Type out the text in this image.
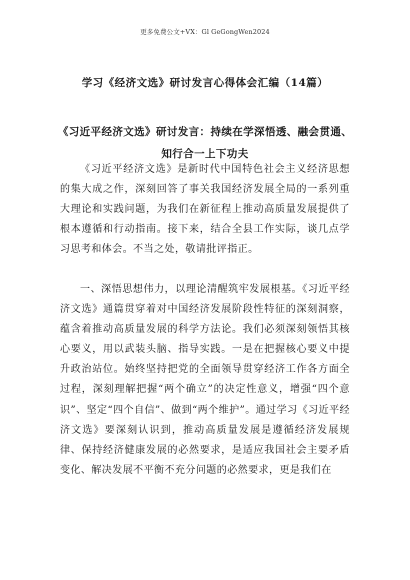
更多免费公文+VX：Gl GeGongWen2024
学习《经济文选》研讨发言心得体会汇编（14篇）
《习近平经济文选》研讨发言：持续在学深悟透、融会贯通、知行合一上下功夫

《习近平经济文选》是新时代中国特色社会主义经济思想的集大成之作，深刻回答了事关我国经济发展全局的一系列重大理论和实践问题，为我们在新征程上推动高质量发展提供了根本遵循和行动指南。接下来，结合全县工作实际，谈几点学习思考和体会。不当之处，敬请批评指正。

一、深悟思想伟力，以理论清醒筑牢发展根基。《习近平经济文选》通篇贯穿着对中国经济发展阶段性特征的深刻洞察，蕴含着推动高质量发展的科学方法论。我们必须深刻领悟其核心要义，用以武装头脑、指导实践。一是在把握核心要义中提升政治站位。始终坚持把党的全面领导贯穿经济工作各方面全过程，深刻理解把握“两个确立”的决定性意义，增强“四个意识”、坚定“四个自信”、做到“两个维护”。通过学习《习近平经济文选》要深刻认识到，推动高质量发展是遵循经济发展规律、保持经济健康发展的必然要求，是适应我国社会主要矛盾变化、解决发展不平衡不充分问题的必然要求，更是我们在
